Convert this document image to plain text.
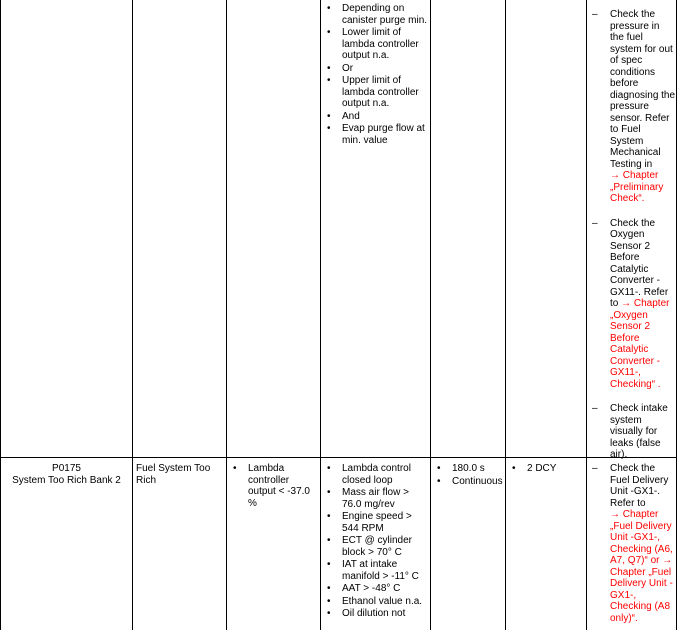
• Depending on canister purge min.
• Lower limit of lambda controller output n.a.
• Or
• Upper limit of lambda controller output n.a.
• And
• Evap purge flow at min. value
– Check the pressure in the fuel system for out of spec conditions before diagnosing the pressure sensor. Refer to Fuel System Mechanical Testing in
→ Chapter „Preliminary Check“.
– Check the Oxygen Sensor 2 Before Catalytic Converter - GX11-. Refer to → Chapter „Oxygen Sensor 2 Before Catalytic Converter - GX11-, Checking“ .
– Check intake system visually for leaks (false air).
P0175
System Too Rich Bank 2
Fuel System Too Rich
• Lambda controller output < -37.0 %
• Lambda control closed loop
• Mass air flow > 76.0 mg/rev
• Engine speed > 544 RPM
• ECT @ cylinder block > 70° C
• IAT at intake manifold > -11° C
• AAT > -48° C
• Ethanol value n.a.
• Oil dilution not
• 180.0 s
• Continuous
• 2 DCY
–	Check the Fuel Delivery Unit -GX1-. Refer to
→ Chapter „Fuel Delivery Unit -GX1-, Checking (A6, A7, Q7)“ or → Chapter „Fuel Delivery Unit -GX1-, Checking (A8 only)“.
